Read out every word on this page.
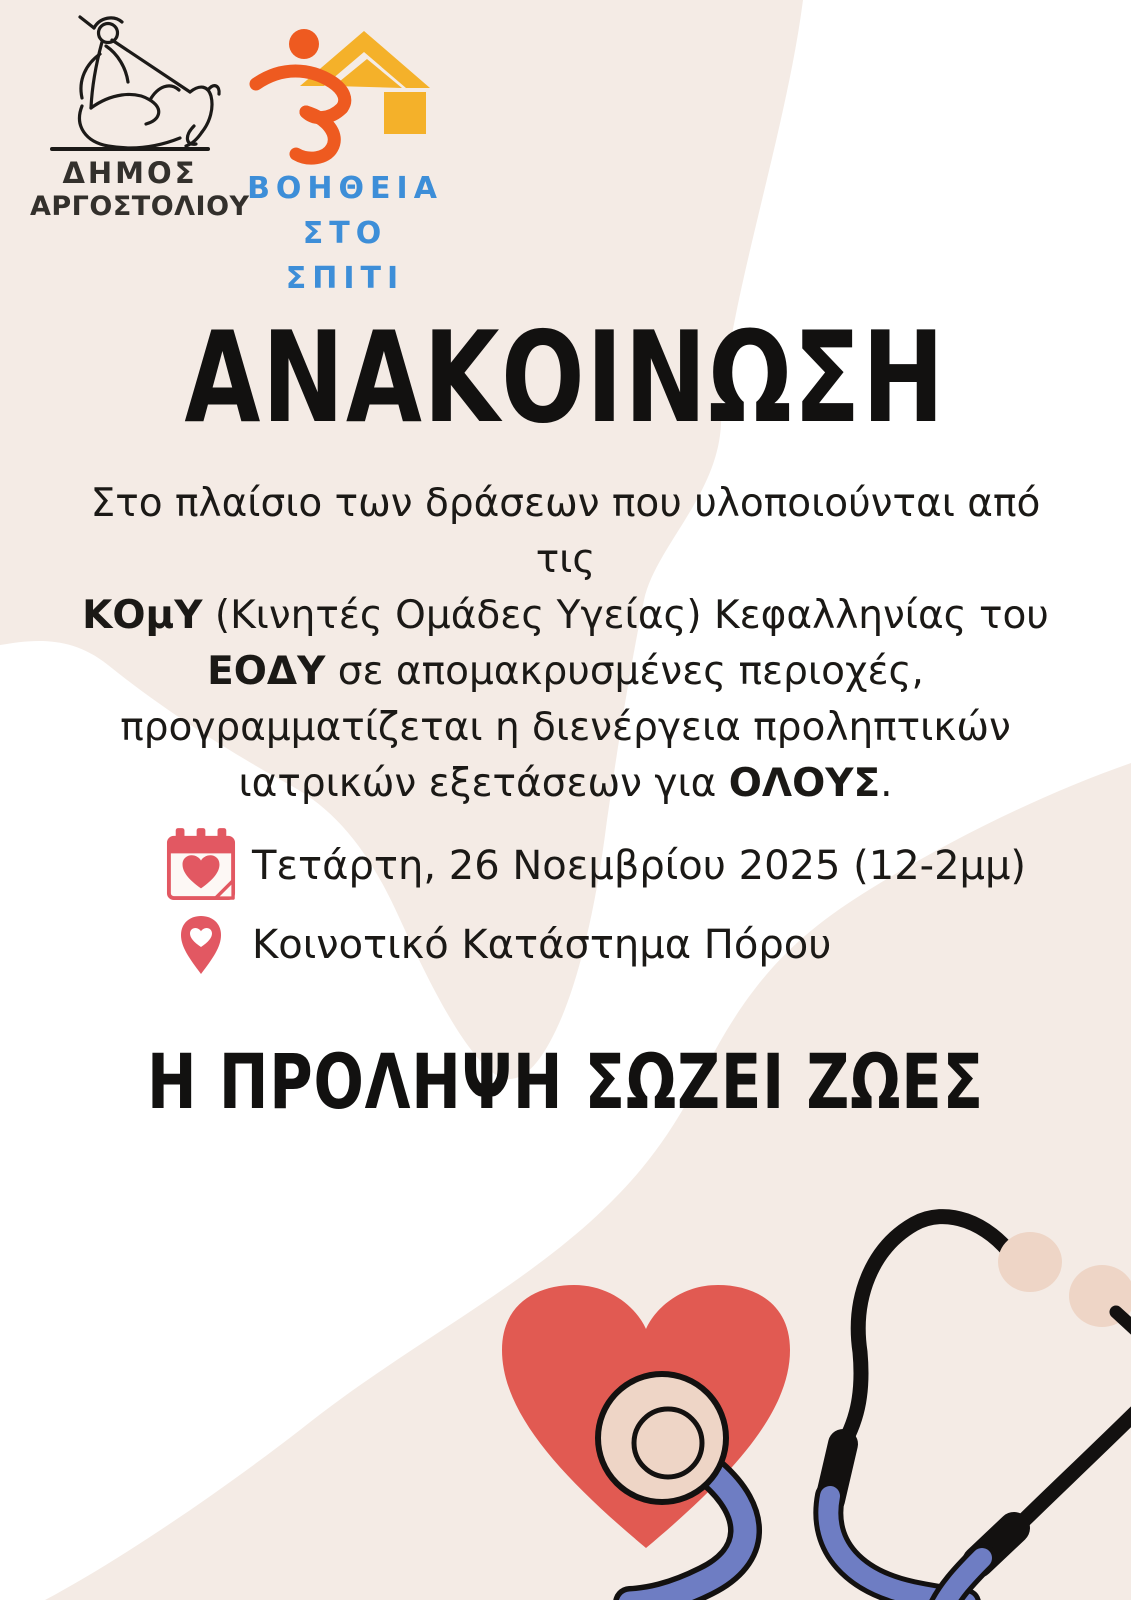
ΔΗΜΟΣ
ΑΡΓΟΣΤΟΛΙΟΥ
ΒΟΗΘΕΙΑ
ΣΤΟ ΣΠΙΤΙ
ΑΝΑΚΟΙΝΩΣΗ
Στο πλαίσιο των δράσεων που υλοποιούνται από τις
ΚΟμΥ (Κινητές Ομάδες Υγείας) Κεφαλληνίας του
ΕΟΔΥ σε απομακρυσμένες περιοχές,
προγραμματίζεται η διενέργεια προληπτικών
ιατρικών εξετάσεων για ΟΛΟΥΣ.
Τετάρτη, 26 Νοεμβρίου 2025 (12-2μμ)
Κοινοτικό Κατάστημα Πόρου
Η ΠΡΟΛΗΨΗ ΣΩΖΕΙ ΖΩΕΣ
